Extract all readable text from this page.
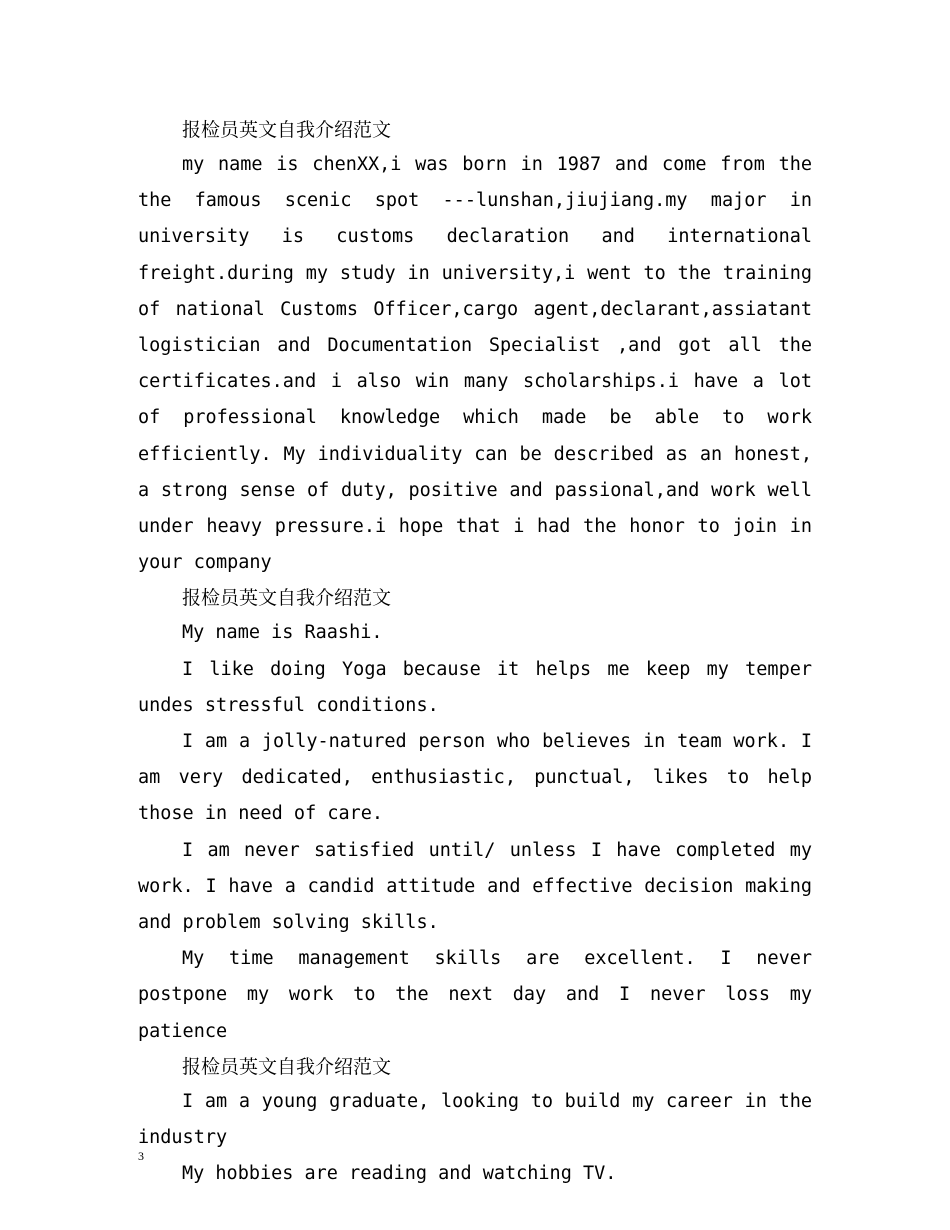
报检员英文自我介绍范文

my name is chenXX,i was born in 1987 and come from the the famous scenic spot ---lunshan,jiujiang.my major in university is customs declaration and international freight.during my study in university,i went to the training of national Customs Officer,cargo agent,declarant,assiatant logistician and Documentation Specialist ,and got all the certificates.and i also win many scholarships.i have a lot of professional knowledge which made be able to work efficiently. My individuality can be described as an honest, a strong sense of duty, positive and passional,and work well under heavy pressure.i hope that i had the honor to join in your company

报检员英文自我介绍范文

My name is Raashi.

I like doing Yoga because it helps me keep my temper undes stressful conditions.

I am a jolly-natured person who believes in team work. I am very dedicated, enthusiastic, punctual, likes to help those in need of care.

I am never satisfied until/ unless I have completed my work. I have a candid attitude and effective decision making and problem solving skills.

My time management skills are excellent. I never postpone my work to the next day and I never loss my patience

报检员英文自我介绍范文

I am a young graduate, looking to build my career in the industry

My hobbies are reading and watching TV.

3
